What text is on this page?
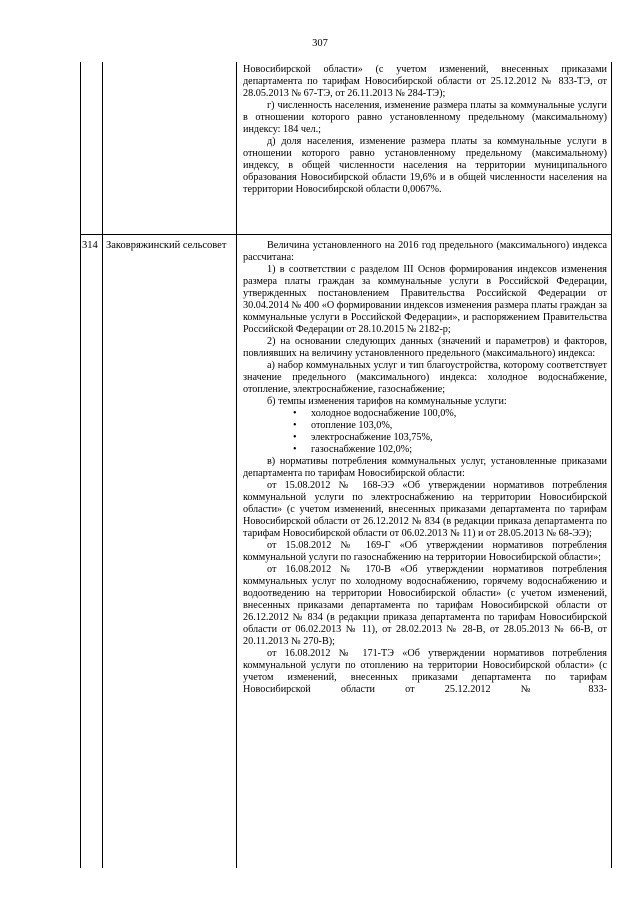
307

Новосибирской области» (с учетом изменений, внесенных приказами департамента по тарифам Новосибирской области от 25.12.2012 № 833-ТЭ, от 28.05.2013 № 67-ТЭ, от 26.11.2013 № 284-ТЭ);

г) численность населения, изменение размера платы за коммунальные услуги в отношении которого равно установленному предельному (максимальному) индексу: 184 чел.;

д) доля населения, изменение размера платы за коммунальные услуги в отношении которого равно установленному предельному (максимальному) индексу, в общей численности населения на территории муниципального образования Новосибирской области 19,6% и в общей численности населения на территории Новосибирской области 0,0067%.

314 Заковряжинский сельсовет	Величина установленного на 2016 год предельного (максимального) индекса рассчитана:

1) в соответствии с разделом III Основ формирования индексов изменения размера платы граждан за коммунальные услуги в Российской Федерации, утвержденных постановлением Правительства Российской Федерации от 30.04.2014 № 400 «О формировании индексов изменения размера платы граждан за коммунальные услуги в Российской Федерации», и распоряжением Правительства Российской Федерации от 28.10.2015 № 2182-р;

2) на основании следующих данных (значений и параметров) и факторов, повлиявших на величину установленного предельного (максимального) индекса:

а) набор коммунальных услуг и тип благоустройства, которому соответствует значение предельного (максимального) индекса: холодное водоснабжение, отопление, электроснабжение, газоснабжение;

б) темпы изменения тарифов на коммунальные услуги:

• холодное водоснабжение 100,0%,
• отопление 103,0%,
• электроснабжение 103,75%,
• газоснабжение 102,0%;

в) нормативы потребления коммунальных услуг, установленные приказами департамента по тарифам Новосибирской области:

от 15.08.2012 № 168-ЭЭ «Об утверждении нормативов потребления коммунальной услуги по электроснабжению на территории Новосибирской области» (с учетом изменений, внесенных приказами департамента по тарифам Новосибирской области от 26.12.2012 № 834 (в редакции приказа департамента по тарифам Новосибирской области от 06.02.2013 № 11) и от 28.05.2013 № 68-ЭЭ);

от 15.08.2012 № 169-Г «Об утверждении нормативов потребления коммунальной услуги по газоснабжению на территории Новосибирской области»;

от 16.08.2012 № 170-В «Об утверждении нормативов потребления коммунальных услуг по холодному водоснабжению, горячему водоснабжению и водоотведению на территории Новосибирской области» (с учетом изменений, внесенных приказами департамента по тарифам Новосибирской области от 26.12.2012 № 834 (в редакции приказа департамента по тарифам Новосибирской области от 06.02.2013 № 11), от 28.02.2013 № 28-В, от 28.05.2013 № 66-В, от 20.11.2013 № 270-В);

от 16.08.2012 № 171-ТЭ «Об утверждении нормативов потребления коммунальной услуги по отоплению на территории Новосибирской области» (с учетом изменений, внесенных приказами департамента по тарифам Новосибирской области от 25.12.2012 № 833-
